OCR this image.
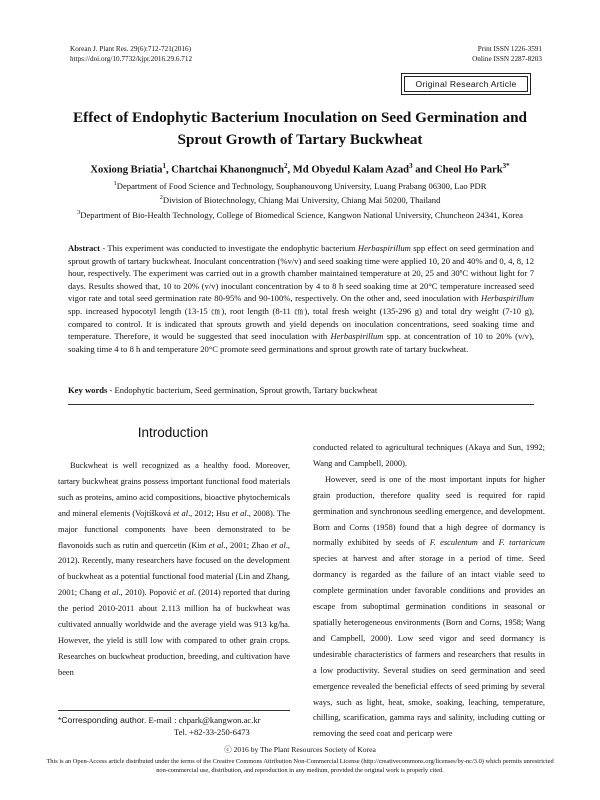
Korean J. Plant Res. 29(6):712-721(2016)
https://doi.org/10.7732/kjpr.2016.29.6.712
Print ISSN 1226-3591
Online ISSN 2287-8203
Original Research Article
Effect of Endophytic Bacterium Inoculation on Seed Germination and Sprout Growth of Tartary Buckwheat
Xoxiong Briatia$^1$, Chartchai Khanongnuch$^2$, Md Obyedul Kalam Azad$^3$ and Cheol Ho Park$^{3*}$
$^1$Department of Food Science and Technology, Souphanouvong University, Luang Prabang 06300, Lao PDR
$^2$Division of Biotechnology, Chiang Mai University, Chiang Mai 50200, Thailand
$^3$Department of Bio-Health Technology, College of Biomedical Science, Kangwon National University, Chuncheon 24341, Korea
Abstract - This experiment was conducted to investigate the endophytic bacterium Herbaspirillum spp effect on seed germination and sprout growth of tartary buckwheat. Inoculant concentration (%v/v) and seed soaking time were applied 10, 20 and 40% and 0, 4, 8, 12 hour, respectively. The experiment was carried out in a growth chamber maintained temperature at 20, 25 and 30ºC without light for 7 days. Results showed that, 10 to 20% (v/v) inoculant concentration by 4 to 8 h seed soaking time at 20°C temperature increased seed vigor rate and total seed germination rate 80-95% and 90-100%, respectively. On the other and, seed inoculation with Herbaspirillum spp. increased hypocotyl length (13-15 ㎝), root length (8-11 ㎝), total fresh weight (135-296 g) and total dry weight (7-10 g), compared to control. It is indicated that sprouts growth and yield depends on inoculation concentrations, seed soaking time and temperature. Therefore, it would be suggested that seed inoculation with Herbaspirillum spp. at concentration of 10 to 20% (v/v), soaking time 4 to 8 h and temperature 20°C promote seed germinations and sprout growth rate of tartary buckwheat.
Key words - Endophytic bacterium, Seed germination, Sprout growth, Tartary buckwheat
Introduction

Buckwheat is well recognized as a healthy food. Moreover, tartary buckwheat grains possess important functional food materials such as proteins, amino acid compositions, bioactive phytochemicals and mineral elements (Vojtíšková et al., 2012; Hsu et al., 2008). The major functional components have been demonstrated to be flavonoids such as rutin and quercetin (Kim et al., 2001; Zhao et al., 2012). Recently, many researchers have focused on the development of buckwheat as a potential functional food material (Lin and Zhang, 2001; Chang et al., 2010). Popović et al. (2014) reported that during the period 2010-2011 about 2.113 million ha of buckwheat was cultivated annually worldwide and the average yield was 913 kg/ha. However, the yield is still low with compared to other grain crops. Researches on buckwheat production, breeding, and cultivation have been

conducted related to agricultural techniques (Akaya and Sun, 1992; Wang and Campbell, 2000).

However, seed is one of the most important inputs for higher grain production, therefore quality seed is required for rapid germination and synchronous seedling emergence, and development. Born and Corns (1958) found that a high degree of dormancy is normally exhibited by seeds of F. esculentum and F. tartaricum species at harvest and after storage in a period of time. Seed dormancy is regarded as the failure of an intact viable seed to complete germination under favorable conditions and provides an escape from suboptimal germination conditions in seasonal or spatially heterogeneous environments (Born and Corns, 1958; Wang and Campbell, 2000). Low seed vigor and seed dormancy is undesirable characteristics of farmers and researchers that results in a low productivity. Several studies on seed germination and seed emergence revealed the beneficial effects of seed priming by several ways, such as light, heat, smoke, soaking, leaching, temperature, chilling, scarification, gamma rays and salinity, including cutting or removing the seed coat and pericarp were

*Corresponding author. E-mail : chpark@kangwon.ac.kr
Tel. +82-33-250-6473
ⓒ 2016 by The Plant Resources Society of Korea
This is an Open-Access article distributed under the terms of the Creative Commons Attribution Non-Commercial License (http://creativecommons.org/licenses/by-nc/3.0) which permits unrestricted non-commercial use, distribution, and reproduction in any medium, provided the original work is properly cited.
